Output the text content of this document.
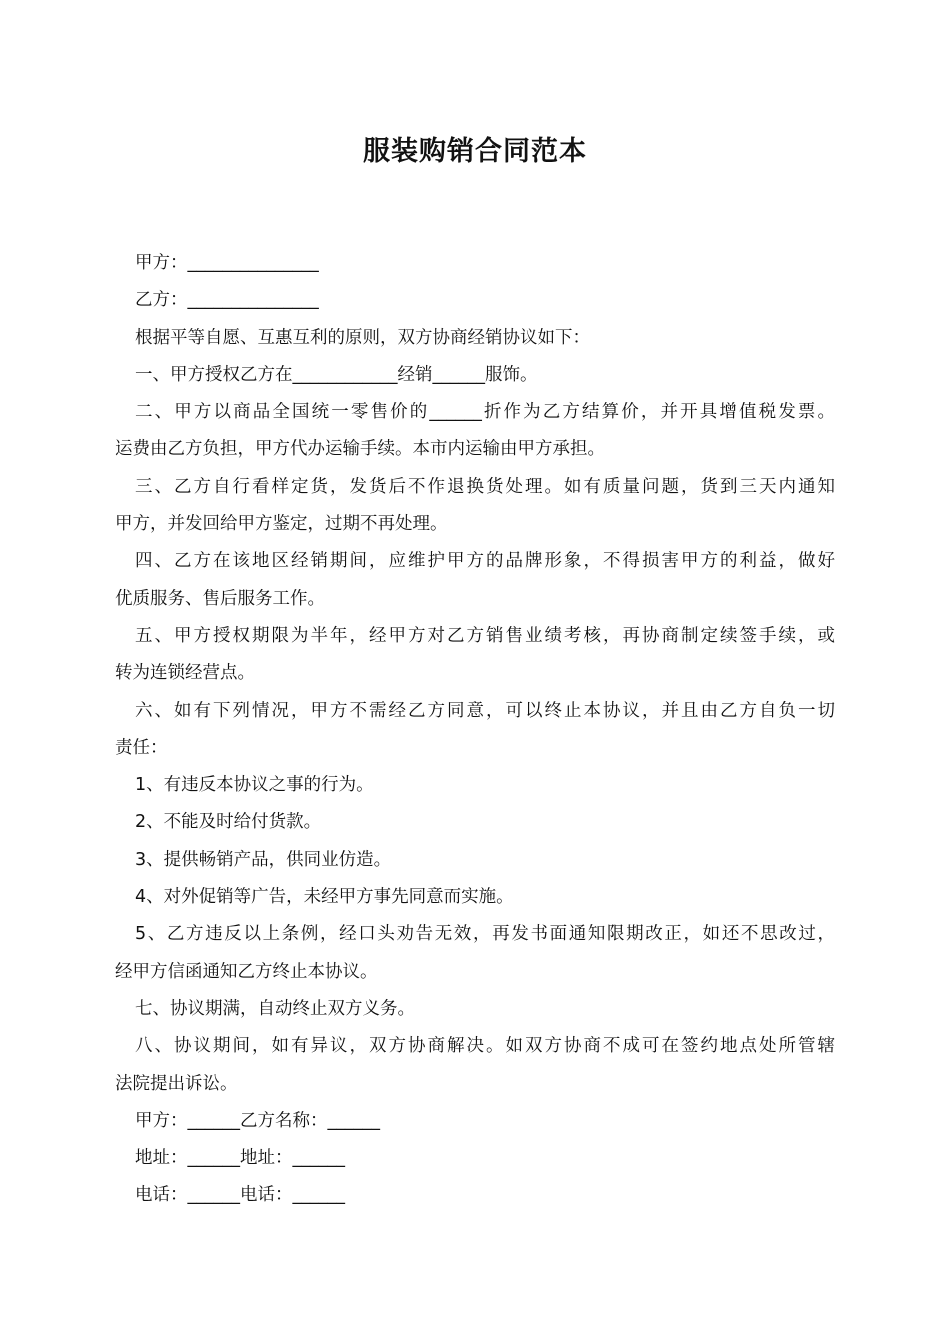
服装购销合同范本
甲方：_______________
乙方：_______________
根据平等自愿、互惠互利的原则，双方协商经销协议如下：
一、甲方授权乙方在____________经销______服饰。
二、甲方以商品全国统一零售价的______折作为乙方结算价，并开具增值税发票。
运费由乙方负担，甲方代办运输手续。本市内运输由甲方承担。
三、乙方自行看样定货，发货后不作退换货处理。如有质量问题，货到三天内通知
甲方，并发回给甲方鉴定，过期不再处理。
四、乙方在该地区经销期间，应维护甲方的品牌形象，不得损害甲方的利益，做好
优质服务、售后服务工作。
五、甲方授权期限为半年，经甲方对乙方销售业绩考核，再协商制定续签手续，或
转为连锁经营点。
六、如有下列情况，甲方不需经乙方同意，可以终止本协议，并且由乙方自负一切
责任：
1、有违反本协议之事的行为。
2、不能及时给付货款。
3、提供畅销产品，供同业仿造。
4、对外促销等广告，未经甲方事先同意而实施。
5、乙方违反以上条例，经口头劝告无效，再发书面通知限期改正，如还不思改过，
经甲方信函通知乙方终止本协议。
七、协议期满，自动终止双方义务。
八、协议期间，如有异议，双方协商解决。如双方协商不成可在签约地点处所管辖
法院提出诉讼。
甲方：______乙方名称：______
地址：______地址：______
电话：______电话：______
